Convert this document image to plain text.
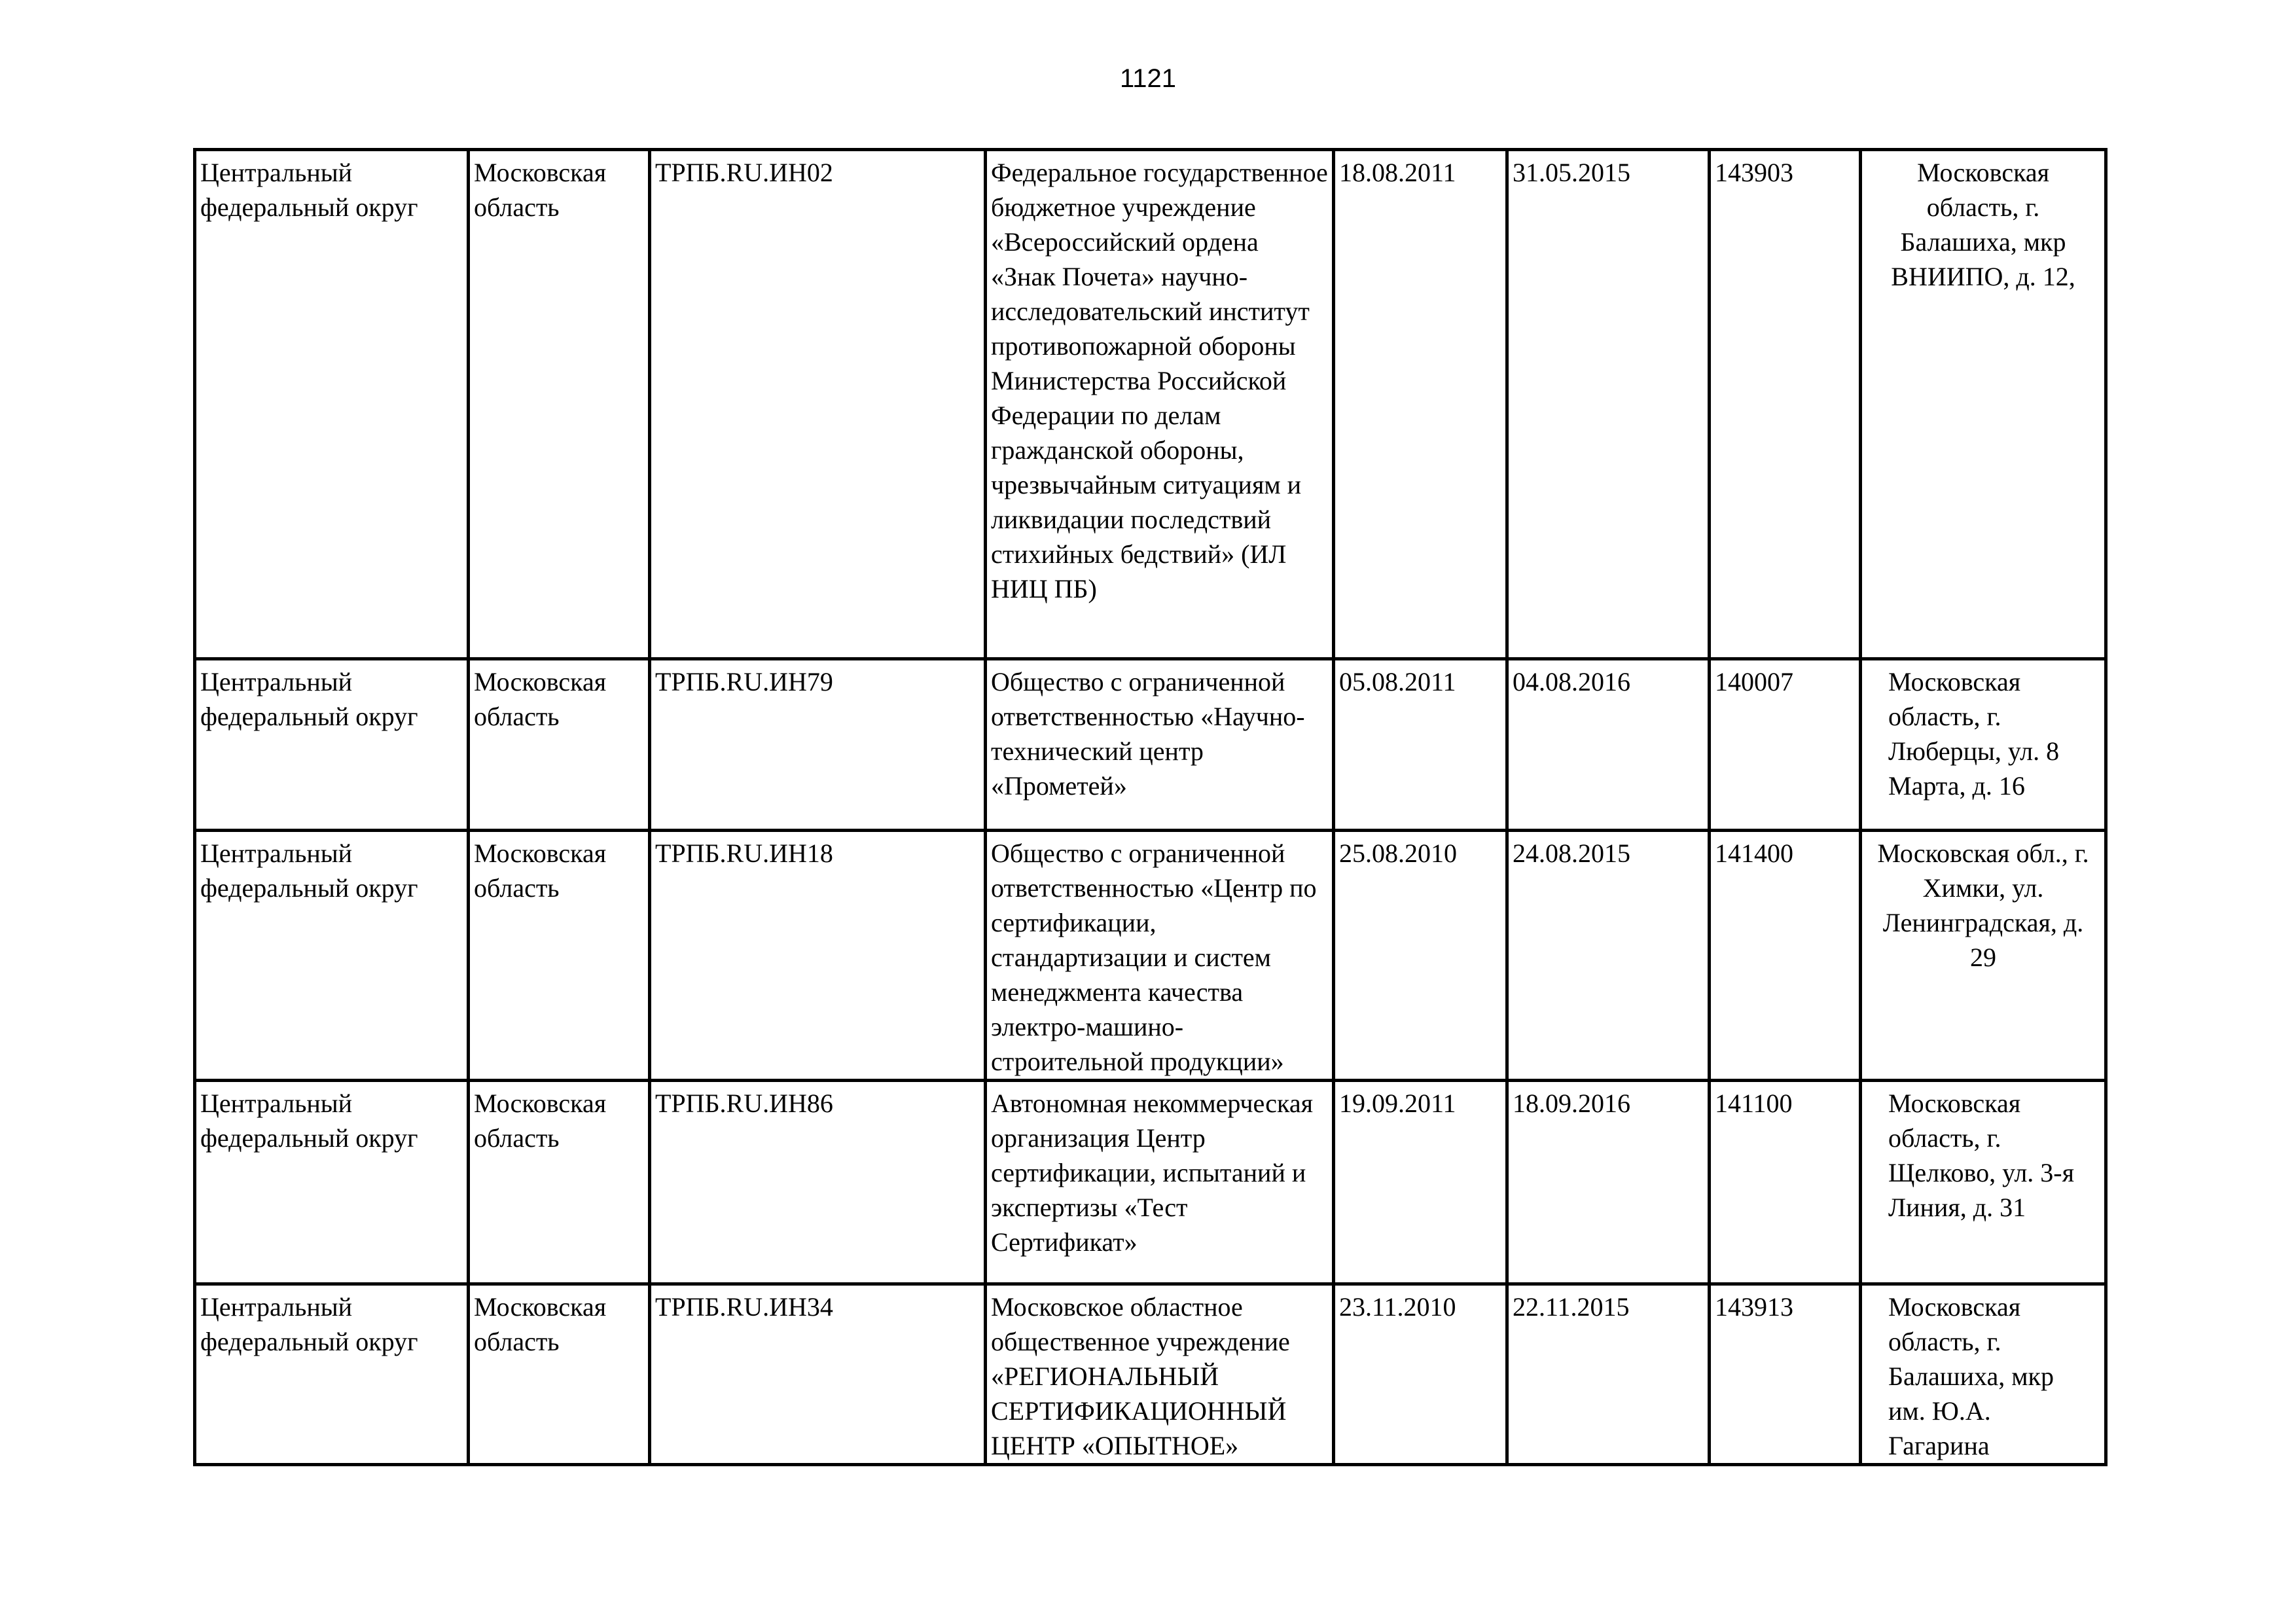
1121
Центральный федеральный округ	Московская область	ТРПБ.RU.ИН02	Федеральное государственное бюджетное учреждение «Всероссийский ордена «Знак Почета» научно-исследовательский институт противопожарной обороны Министерства Российской Федерации по делам гражданской обороны, чрезвычайным ситуациям и ликвидации последствий стихийных бедствий» (ИЛ НИЦ ПБ)	18.08.2011	31.05.2015	143903	Московская область, г. Балашиха, мкр ВНИИПО, д. 12,
Центральный федеральный округ	Московская область	ТРПБ.RU.ИН79	Общество с ограниченной ответственностью «Научно-технический центр «Прометей»	05.08.2011	04.08.2016	140007	Московская область, г. Люберцы, ул. 8 Марта, д. 16
Центральный федеральный округ	Московская область	ТРПБ.RU.ИН18	Общество с ограниченной ответственностью «Центр по сертификации, стандартизации и систем менеджмента качества электро-машино-строительной продукции»	25.08.2010	24.08.2015	141400	Московская обл., г. Химки, ул. Ленинградская, д. 29
Центральный федеральный округ	Московская область	ТРПБ.RU.ИН86	Автономная некоммерческая организация Центр сертификации, испытаний и экспертизы «Тест Сертификат»	19.09.2011	18.09.2016	141100	Московская область, г. Щелково, ул. 3-я Линия, д. 31
Центральный федеральный округ	Московская область	ТРПБ.RU.ИН34	Московское областное общественное учреждение «РЕГИОНАЛЬНЫЙ СЕРТИФИКАЦИОННЫЙ ЦЕНТР «ОПЫТНОЕ»	23.11.2010	22.11.2015	143913	Московская область, г. Балашиха, мкр им. Ю.А. Гагарина
